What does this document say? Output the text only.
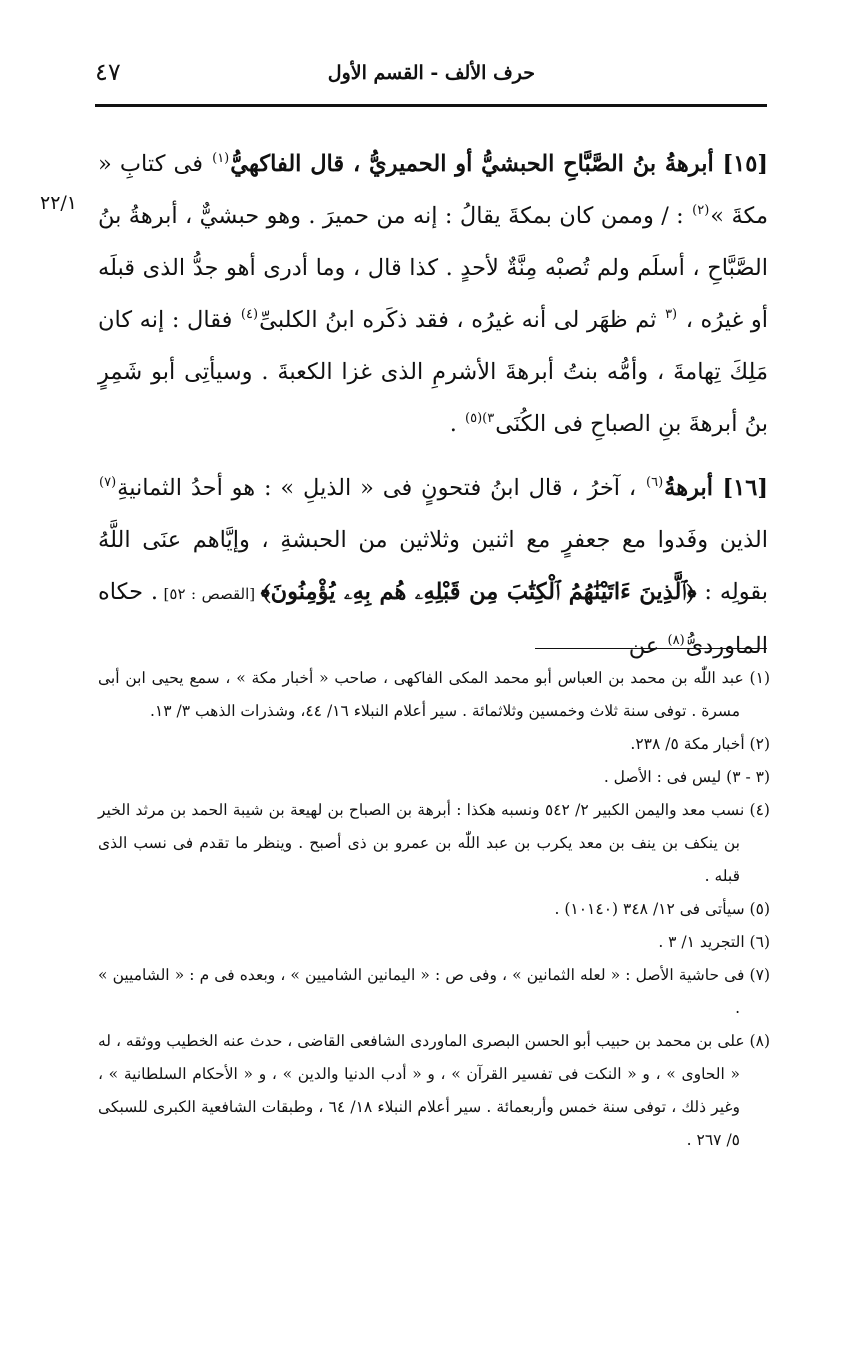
حرف الألف - القسم الأول
٤٧
٢٢/١

[١٥] أبرهةُ بنُ الصَّبَّاحِ الحبشيُّ أو الحميريُّ ، قال الفاكهيُّ$^{(١)}$ فى كتابِ « مكةَ »$^{(٢)}$ : / وممن كان بمكةَ يقالُ : إنه من حميرَ . وهو حبشيٌّ ، أبرهةُ بنُ الصَّبَّاحِ ، أسلَم ولم تُصبْه مِنَّةٌ لأحدٍ . كذا قال ، وما أدرى أهو جدُّ الذى قبلَه أو غيرُه ، $^{(٣}$ ثم ظهَر لى أنه غيرُه ، فقد ذكَره ابنُ الكلبىِّ$^{(٤)}$ فقال : إنه كان مَلِكَ تِهامةَ ، وأمُّه بنتُ أبرهةَ الأشرمِ الذى غزا الكعبةَ . وسيأتِى أبو شَمِرٍ بنُ أبرهةَ بنِ الصباحِ فى الكُنَى$^{٣)(٥)}$ .

[١٦] أبرهةُ$^{(٦)}$ ، آخرُ ، قال ابنُ فتحونٍ فى « الذيلِ » : هو أحدُ الثمانيةِ$^{(٧)}$ الذين وفَدوا مع جعفرٍ مع اثنين وثلاثين من الحبشةِ ، وإيَّاهم عنَى اللَّهُ بقولِه : ﴿ٱلَّذِينَ ءَاتَيْنَٰهُمُ ٱلْكِتَٰبَ مِن قَبْلِهِۦ هُم بِهِۦ يُؤْمِنُونَ﴾ [القصص : ٥٢] . حكاه الماوردىُّ$^{(٨)}$ عن

(١) عبد اللّٰه بن محمد بن العباس أبو محمد المكى الفاكهى ، صاحب « أخبار مكة » ، سمع يحيى ابن أبى مسرة . توفى سنة ثلاث وخمسين وثلاثمائة . سير أعلام النبلاء ١٦/ ٤٤، وشذرات الذهب ٣/ ١٣.

(٢) أخبار مكة ٥/ ٢٣٨.

(٣ - ٣) ليس فى : الأصل .

(٤) نسب معد واليمن الكبير ٢/ ٥٤٢ ونسبه هكذا : أبرهة بن الصباح بن لهيعة بن شيبة الحمد بن مرثد الخير بن ينكف بن ينف بن معد يكرب بن عبد اللّٰه بن عمرو بن ذى أصبح . وينظر ما تقدم فى نسب الذى قبله .

(٥) سيأتى فى ١٢/ ٣٤٨ (١٠١٤٠) .

(٦) التجريد ١/ ٣ .

(٧) فى حاشية الأصل : « لعله الثمانين » ، وفى ص : « اليمانين الشاميين » ، وبعده فى م : « الشاميين » .

(٨) على بن محمد بن حبيب أبو الحسن البصرى الماوردى الشافعى القاضى ، حدث عنه الخطيب ووثقه ، له « الحاوى » ، و « النكت فى تفسير القرآن » ، و « أدب الدنيا والدين » ، و « الأحكام السلطانية » ، وغير ذلك ، توفى سنة خمس وأربعمائة . سير أعلام النبلاء ١٨/ ٦٤ ، وطبقات الشافعية الكبرى للسبكى ٥/ ٢٦٧ .
